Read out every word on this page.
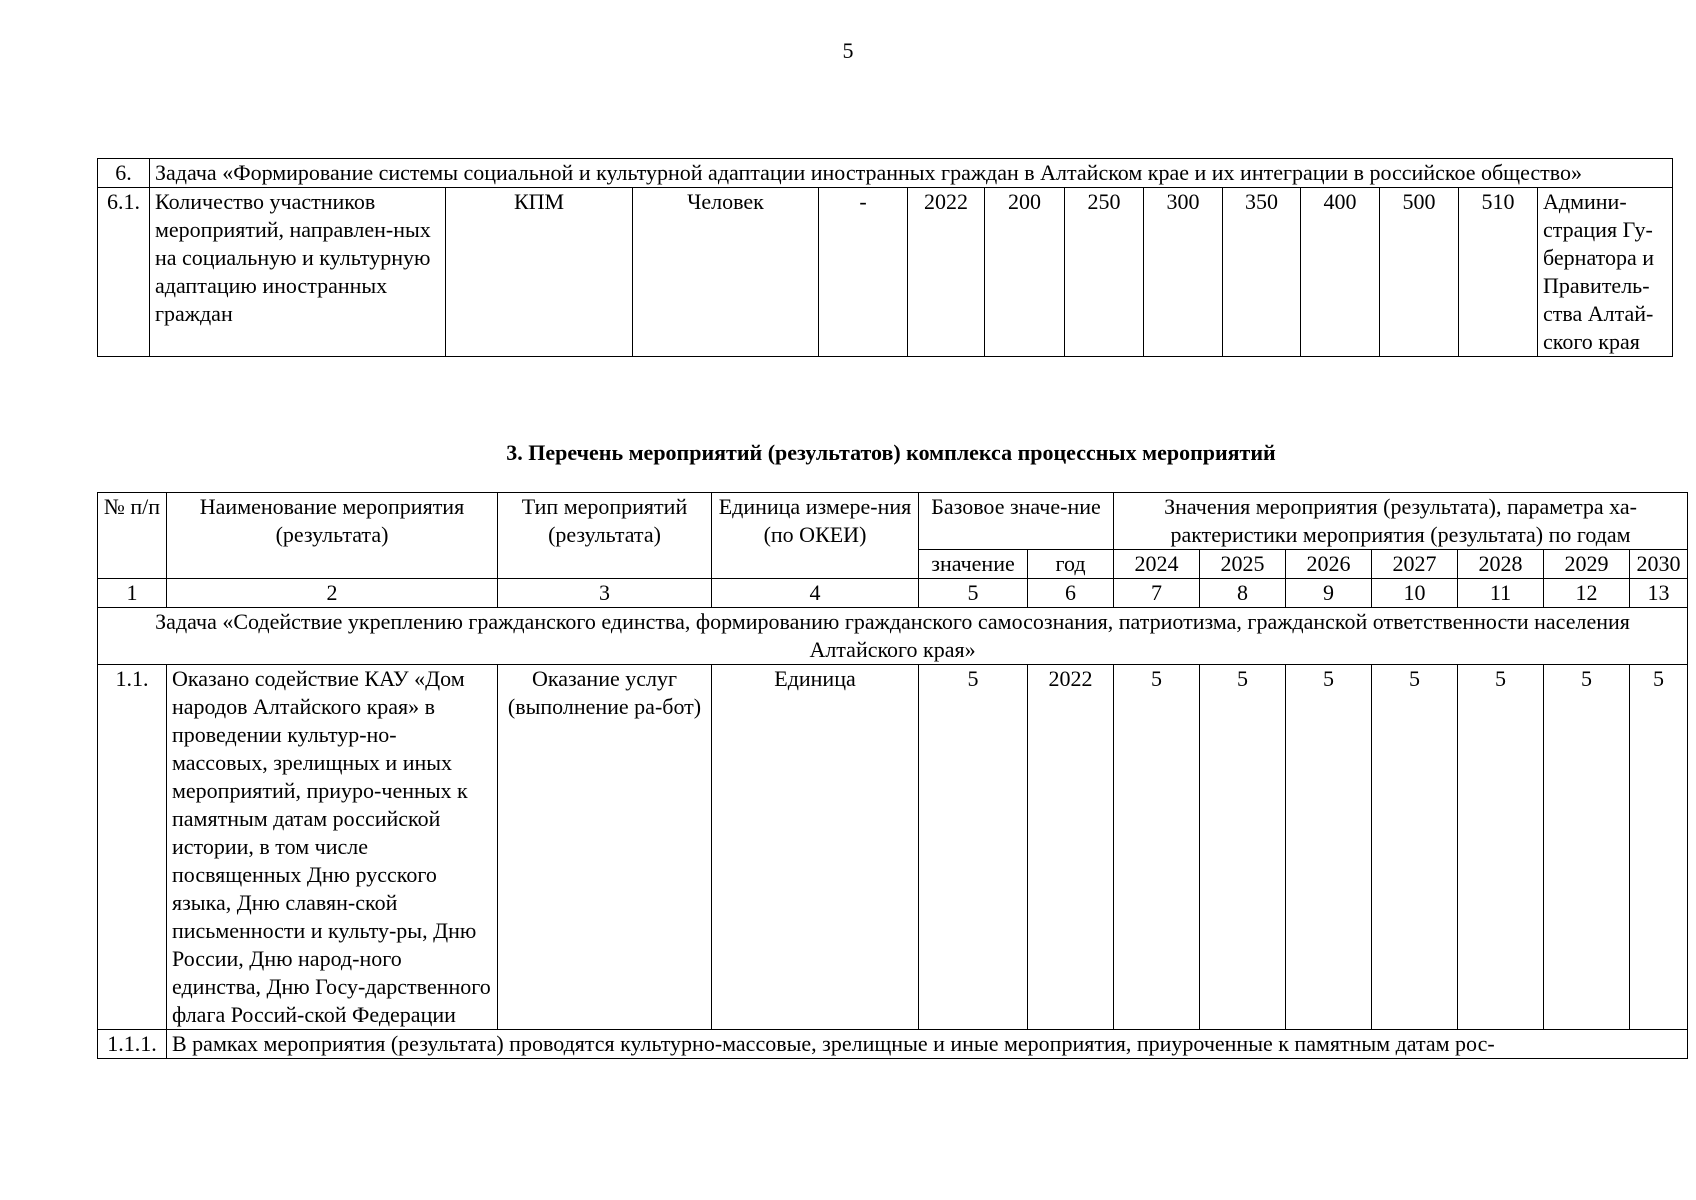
5
6.	Задача «Формирование системы социальной и культурной адаптации иностранных граждан в Алтайском крае и их интеграции в российское общество»												
6.1.	Количество участников мероприятий, направлен-ных на социальную и культурную адаптацию иностранных граждан	КПМ	Человек	-	2022	200	250	300	350	400	500	510	Админи-страция Гу-бернатора и Правитель-ства Алтай-ского края
3. Перечень мероприятий (результатов) комплекса процессных мероприятий
№ п/п	Наименование мероприятия (результата)	Тип мероприятий (результата)	Единица измере-ния (по ОКЕИ)	Базовое значе-ние		Значения мероприятия (результата), параметра ха-рактеристики мероприятия (результата) по годам						
				значение	год	2024	2025	2026	2027	2028	2029	2030
1	2	3	4	5	6	7	8	9	10	11	12	13
Задача «Содействие укреплению гражданского единства, формированию гражданского самосознания, патриотизма, гражданской ответственности населения Алтайского края»												
1.1.	Оказано содействие КАУ «Дом народов Алтайского края» в проведении культур-но-массовых, зрелищных и иных мероприятий, приуро-ченных к памятным датам российской истории, в том числе посвященных Дню русского языка, Дню славян-ской письменности и культу-ры, Дню России, Дню народ-ного единства, Дню Госу-дарственного флага Россий-ской Федерации	Оказание услуг (выполнение ра-бот)	Единица	5	2022	5	5	5	5	5	5	5
1.1.1.	В рамках мероприятия (результата) проводятся культурно-массовые, зрелищные и иные мероприятия, приуроченные к памятным датам рос-											
